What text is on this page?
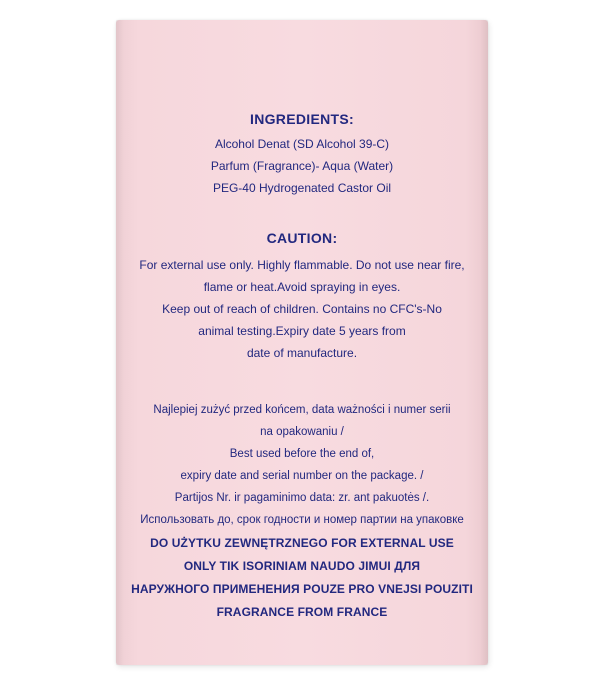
INGREDIENTS:

Alcohol Denat (SD Alcohol 39-C)

Parfum (Fragrance)- Aqua (Water)

PEG-40 Hydrogenated Castor Oil

CAUTION:

For external use only. Highly flammable. Do not use near fire,

flame or heat.Avoid spraying in eyes.

Keep out of reach of children. Contains no CFC's-No

animal testing.Expiry date 5 years from

date of manufacture.

Najlepiej zużyć przed końcem, data ważności i numer serii

na opakowaniu /

Best used before the end of,

expiry date and serial number on the package. /

Partijos Nr. ir pagaminimo data: zr. ant pakuotės /.

Использовать до, срок годности и номер партии на упаковке

DO UŻYTKU ZEWNĘTRZNEGO FOR EXTERNAL USE

ONLY TIK ISORINIAM NAUDO JIMUI ДЛЯ

НАРУЖНОГО ПРИМЕНЕНИЯ POUZE PRO VNEJSI POUZITI

FRAGRANCE FROM FRANCE
